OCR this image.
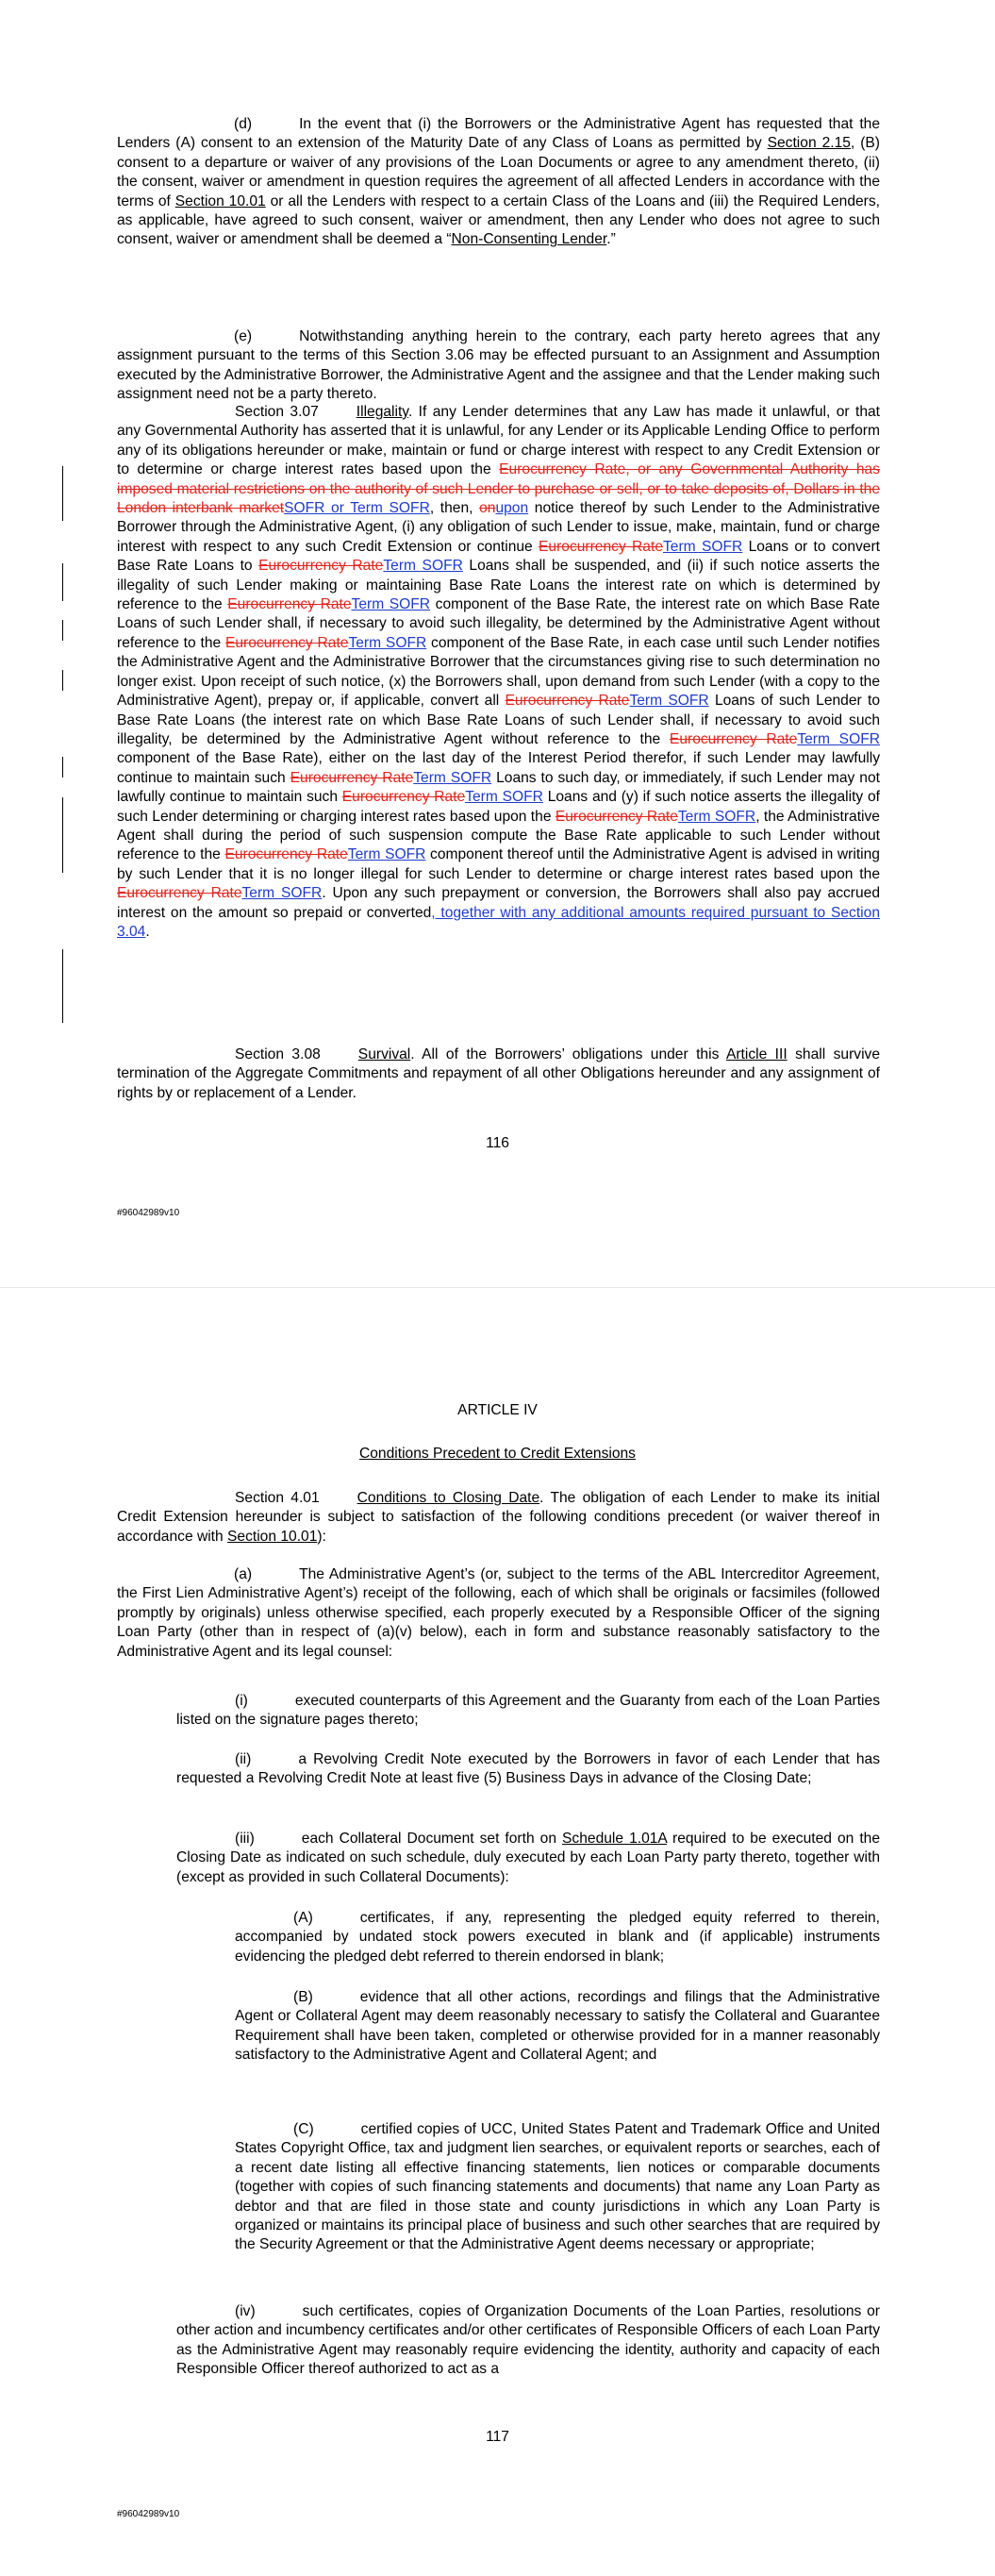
(d)	In the event that (i) the Borrowers or the Administrative Agent has requested that the Lenders (A) consent to an extension of the Maturity Date of any Class of Loans as permitted by Section 2.15, (B) consent to a departure or waiver of any provisions of the Loan Documents or agree to any amendment thereto, (ii) the consent, waiver or amendment in question requires the agreement of all affected Lenders in accordance with the terms of Section 10.01 or all the Lenders with respect to a certain Class of the Loans and (iii) the Required Lenders, as applicable, have agreed to such consent, waiver or amendment, then any Lender who does not agree to such consent, waiver or amendment shall be deemed a “Non-Consenting Lender.”

(e)	Notwithstanding anything herein to the contrary, each party hereto agrees that any assignment pursuant to the terms of this Section 3.06 may be effected pursuant to an Assignment and Assumption executed by the Administrative Borrower, the Administrative Agent and the assignee and that the Lender making such assignment need not be a party thereto.

Section 3.07	Illegality. If any Lender determines that any Law has made it unlawful, or that any Governmental Authority has asserted that it is unlawful, for any Lender or its Applicable Lending Office to perform any of its obligations hereunder or make, maintain or fund or charge interest with respect to any Credit Extension or to determine or charge interest rates based upon the Eurocurrency Rate, or any Governmental Authority has imposed material restrictions on the authority of such Lender to purchase or sell, or to take deposits of, Dollars in the London interbank marketSOFR or Term SOFR, then, onupon notice thereof by such Lender to the Administrative Borrower through the Administrative Agent, (i) any obligation of such Lender to issue, make, maintain, fund or charge interest with respect to any such Credit Extension or continue Eurocurrency RateTerm SOFR Loans or to convert Base Rate Loans to Eurocurrency RateTerm SOFR Loans shall be suspended, and (ii) if such notice asserts the illegality of such Lender making or maintaining Base Rate Loans the interest rate on which is determined by reference to the Eurocurrency RateTerm SOFR component of the Base Rate, the interest rate on which Base Rate Loans of such Lender shall, if necessary to avoid such illegality, be determined by the Administrative Agent without reference to the Eurocurrency RateTerm SOFR component of the Base Rate, in each case until such Lender notifies the Administrative Agent and the Administrative Borrower that the circumstances giving rise to such determination no longer exist. Upon receipt of such notice, (x) the Borrowers shall, upon demand from such Lender (with a copy to the Administrative Agent), prepay or, if applicable, convert all Eurocurrency RateTerm SOFR Loans of such Lender to Base Rate Loans (the interest rate on which Base Rate Loans of such Lender shall, if necessary to avoid such illegality, be determined by the Administrative Agent without reference to the Eurocurrency RateTerm SOFR component of the Base Rate), either on the last day of the Interest Period therefor, if such Lender may lawfully continue to maintain such Eurocurrency RateTerm SOFR Loans to such day, or immediately, if such Lender may not lawfully continue to maintain such Eurocurrency RateTerm SOFR Loans and (y) if such notice asserts the illegality of such Lender determining or charging interest rates based upon the Eurocurrency RateTerm SOFR, the Administrative Agent shall during the period of such suspension compute the Base Rate applicable to such Lender without reference to the Eurocurrency RateTerm SOFR component thereof until the Administrative Agent is advised in writing by such Lender that it is no longer illegal for such Lender to determine or charge interest rates based upon the Eurocurrency RateTerm SOFR. Upon any such prepayment or conversion, the Borrowers shall also pay accrued interest on the amount so prepaid or converted, together with any additional amounts required pursuant to Section 3.04.

Section 3.08	Survival. All of the Borrowers’ obligations under this Article III shall survive termination of the Aggregate Commitments and repayment of all other Obligations hereunder and any assignment of rights by or replacement of a Lender.

116
#96042989v10
ARTICLE IV
Conditions Precedent to Credit Extensions

Section 4.01	Conditions to Closing Date. The obligation of each Lender to make its initial Credit Extension hereunder is subject to satisfaction of the following conditions precedent (or waiver thereof in accordance with Section 10.01):

(a)	The Administrative Agent’s (or, subject to the terms of the ABL Intercreditor Agreement, the First Lien Administrative Agent’s) receipt of the following, each of which shall be originals or facsimiles (followed promptly by originals) unless otherwise specified, each properly executed by a Responsible Officer of the signing Loan Party (other than in respect of (a)(v) below), each in form and substance reasonably satisfactory to the Administrative Agent and its legal counsel:

(i)	executed counterparts of this Agreement and the Guaranty from each of the Loan Parties listed on the signature pages thereto;

(ii)	a Revolving Credit Note executed by the Borrowers in favor of each Lender that has requested a Revolving Credit Note at least five (5) Business Days in advance of the Closing Date;

(iii)	each Collateral Document set forth on Schedule 1.01A required to be executed on the Closing Date as indicated on such schedule, duly executed by each Loan Party party thereto, together with (except as provided in such Collateral Documents):

(A)	certificates, if any, representing the pledged equity referred to therein, accompanied by undated stock powers executed in blank and (if applicable) instruments evidencing the pledged debt referred to therein endorsed in blank;

(B)	evidence that all other actions, recordings and filings that the Administrative Agent or Collateral Agent may deem reasonably necessary to satisfy the Collateral and Guarantee Requirement shall have been taken, completed or otherwise provided for in a manner reasonably satisfactory to the Administrative Agent and Collateral Agent; and

(C)	certified copies of UCC, United States Patent and Trademark Office and United States Copyright Office, tax and judgment lien searches, or equivalent reports or searches, each of a recent date listing all effective financing statements, lien notices or comparable documents (together with copies of such financing statements and documents) that name any Loan Party as debtor and that are filed in those state and county jurisdictions in which any Loan Party is organized or maintains its principal place of business and such other searches that are required by the Security Agreement or that the Administrative Agent deems necessary or appropriate;

(iv)	such certificates, copies of Organization Documents of the Loan Parties, resolutions or other action and incumbency certificates and/or other certificates of Responsible Officers of each Loan Party as the Administrative Agent may reasonably require evidencing the identity, authority and capacity of each Responsible Officer thereof authorized to act as a

117
#96042989v10
